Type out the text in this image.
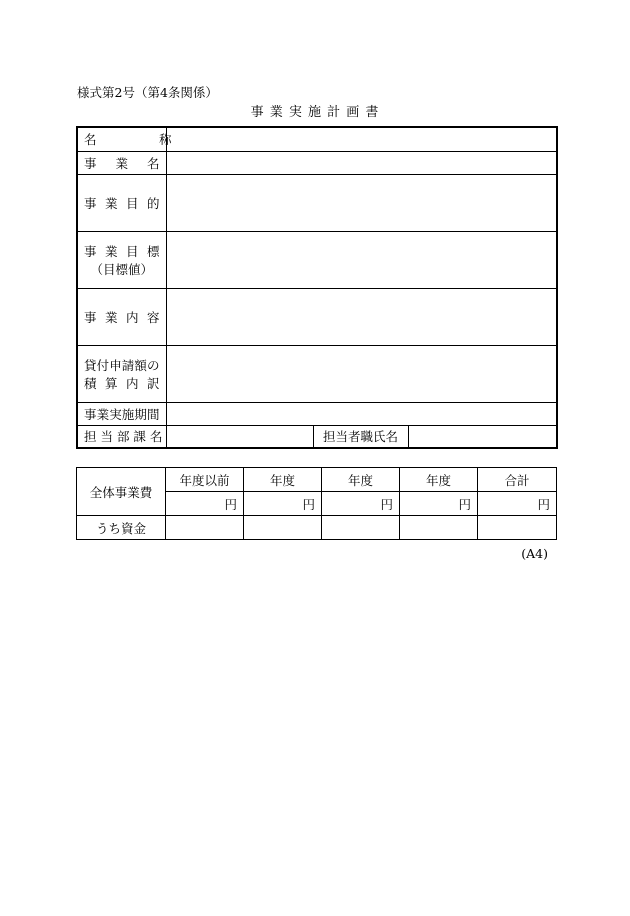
様式第2号（第4条関係）
事 業 実 施 計 画 書
名　　　　　称			
事　業　名			
事 業 目 的			

事 業 目 標
（目標値）			

事 業 内 容			

貸付申請額の
積 算 内 訳			

事業実施期間			
担 当 部 課 名		担当者職氏名	
全体事業費	年度以前	年度	年度	年度	合計
	円	円	円	円	円
うち資金					
(A4)
